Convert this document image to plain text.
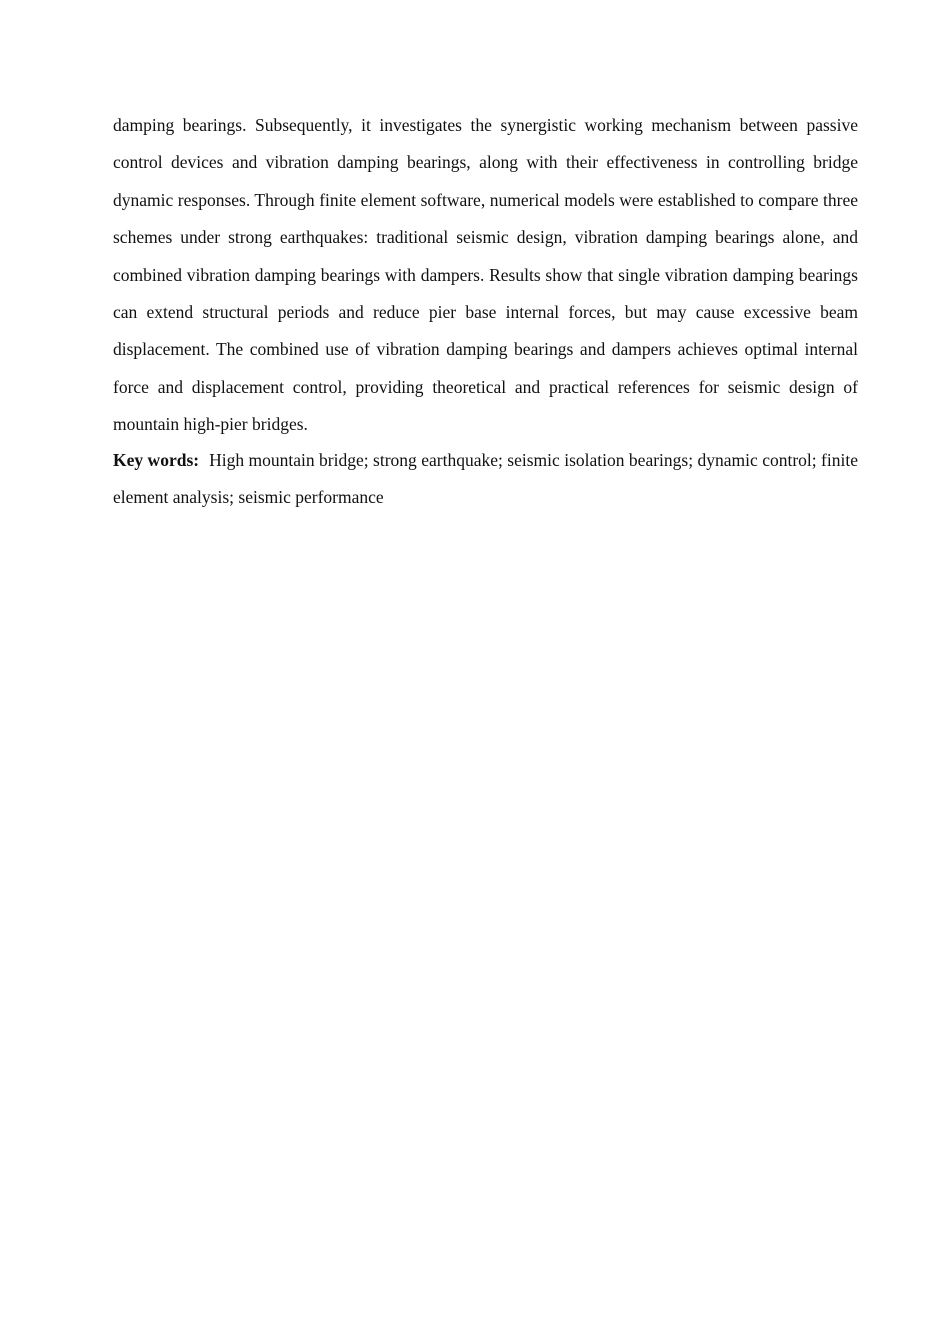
damping bearings. Subsequently, it investigates the synergistic working mechanism between passive control devices and vibration damping bearings, along with their effectiveness in controlling bridge dynamic responses. Through finite element software, numerical models were established to compare three schemes under strong earthquakes: traditional seismic design, vibration damping bearings alone, and combined vibration damping bearings with dampers. Results show that single vibration damping bearings can extend structural periods and reduce pier base internal forces, but may cause excessive beam displacement. The combined use of vibration damping bearings and dampers achieves optimal internal force and displacement control, providing theoretical and practical references for seismic design of mountain high-pier bridges.

Key words: High mountain bridge; strong earthquake; seismic isolation bearings; dynamic control; finite element analysis; seismic performance
